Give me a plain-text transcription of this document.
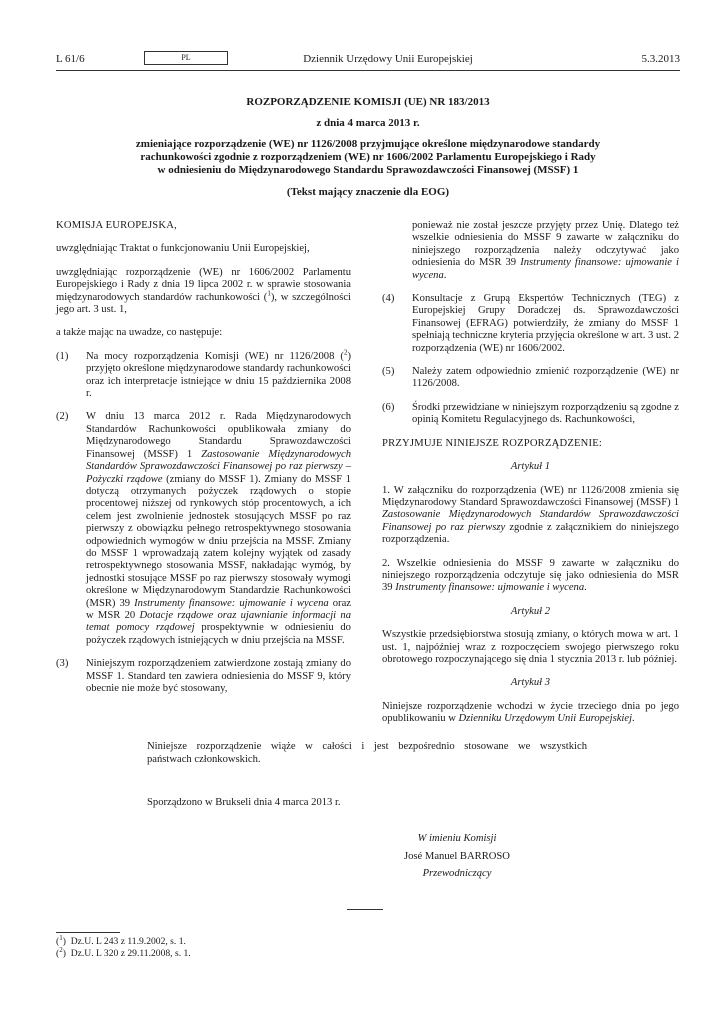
L 61/6	PL	Dziennik Urzędowy Unii Europejskiej	5.3.2013
ROZPORZĄDZENIE KOMISJI (UE) NR 183/2013
z dnia 4 marca 2013 r.
zmieniające rozporządzenie (WE) nr 1126/2008 przyjmujące określone międzynarodowe standardy
rachunkowości zgodnie z rozporządzeniem (WE) nr 1606/2002 Parlamentu Europejskiego i Rady
w odniesieniu do Międzynarodowego Standardu Sprawozdawczości Finansowej (MSSF) 1
(Tekst mający znaczenie dla EOG)

KOMISJA EUROPEJSKA,

uwzględniając Traktat o funkcjonowaniu Unii Europejskiej,

uwzględniając rozporządzenie (WE) nr 1606/2002 Parlamentu Europejskiego i Rady z dnia 19 lipca 2002 r. w sprawie stosowania międzynarodowych standardów rachunkowości ($^1$), w szczególności jego art. 3 ust. 1,

a także mając na uwadze, co następuje:

(1)	Na mocy rozporządzenia Komisji (WE) nr 1126/2008 ($^2$) przyjęto określone międzynarodowe standardy rachunkowości oraz ich interpretacje istniejące w dniu 15 października 2008 r.
(2)	W dniu 13 marca 2012 r. Rada Międzynarodowych Standardów Rachunkowości opublikowała zmiany do Międzynarodowego Standardu Sprawozdawczości Finansowej (MSSF) 1 Zastosowanie Międzynarodowych Standardów Sprawozdawczości Finansowej po raz pierwszy – Pożyczki rządowe (zmiany do MSSF 1). Zmiany do MSSF 1 dotyczą otrzymanych pożyczek rządowych o stopie procentowej niższej od rynkowych stóp procentowych, a ich celem jest zwolnienie jednostek stosujących MSSF po raz pierwszy z obowiązku pełnego retrospektywnego stosowania odpowiednich wymogów w dniu przejścia na MSSF. Zmiany do MSSF 1 wprowadzają zatem kolejny wyjątek od zasady retrospektywnego stosowania MSSF, nakładając wymóg, by jednostki stosujące MSSF po raz pierwszy stosowały wymogi określone w Międzynarodowym Standardzie Rachunkowości (MSR) 39 Instrumenty finansowe: ujmowanie i wycena oraz w MSR 20 Dotacje rządowe oraz ujawnianie informacji na temat pomocy rządowej prospektywnie w odniesieniu do pożyczek rządowych istniejących w dniu przejścia na MSSF.
(3)	Niniejszym rozporządzeniem zatwierdzone zostają zmiany do MSSF 1. Standard ten zawiera odniesienia do MSSF 9, który obecnie nie może być stosowany,
ponieważ nie został jeszcze przyjęty przez Unię. Dlatego też wszelkie odniesienia do MSSF 9 zawarte w załączniku do niniejszego rozporządzenia należy odczytywać jako odniesienia do MSR 39 Instrumenty finansowe: ujmowanie i wycena.
(4)	Konsultacje z Grupą Ekspertów Technicznych (TEG) z Europejskiej Grupy Doradczej ds. Sprawozdawczości Finansowej (EFRAG) potwierdziły, że zmiany do MSSF 1 spełniają techniczne kryteria przyjęcia określone w art. 3 ust. 2 rozporządzenia (WE) nr 1606/2002.
(5)	Należy zatem odpowiednio zmienić rozporządzenie (WE) nr 1126/2008.
(6)	Środki przewidziane w niniejszym rozporządzeniu są zgodne z opinią Komitetu Regulacyjnego ds. Rachunkowości,

PRZYJMUJE NINIEJSZE ROZPORZĄDZENIE:

Artykuł 1

1. W załączniku do rozporządzenia (WE) nr 1126/2008 zmienia się Międzynarodowy Standard Sprawozdawczości Finansowej (MSSF) 1 Zastosowanie Międzynarodowych Standardów Sprawozdawczości Finansowej po raz pierwszy zgodnie z załącznikiem do niniejszego rozporządzenia.

2. Wszelkie odniesienia do MSSF 9 zawarte w załączniku do niniejszego rozporządzenia odczytuje się jako odniesienia do MSR 39 Instrumenty finansowe: ujmowanie i wycena.

Artykuł 2

Wszystkie przedsiębiorstwa stosują zmiany, o których mowa w art. 1 ust. 1, najpóźniej wraz z rozpoczęciem swojego pierwszego roku obrotowego rozpoczynającego się dnia 1 stycznia 2013 r. lub później.

Artykuł 3

Niniejsze rozporządzenie wchodzi w życie trzeciego dnia po jego opublikowaniu w Dzienniku Urzędowym Unii Europejskiej.

Niniejsze rozporządzenie wiąże w całości i jest bezpośrednio stosowane we wszystkich
państwach członkowskich.
Sporządzono w Brukseli dnia 4 marca 2013 r.
W imieniu Komisji
José Manuel BARROSO
Przewodniczący
($^1$)  Dz.U. L 243 z 11.9.2002, s. 1.
($^2$)  Dz.U. L 320 z 29.11.2008, s. 1.
